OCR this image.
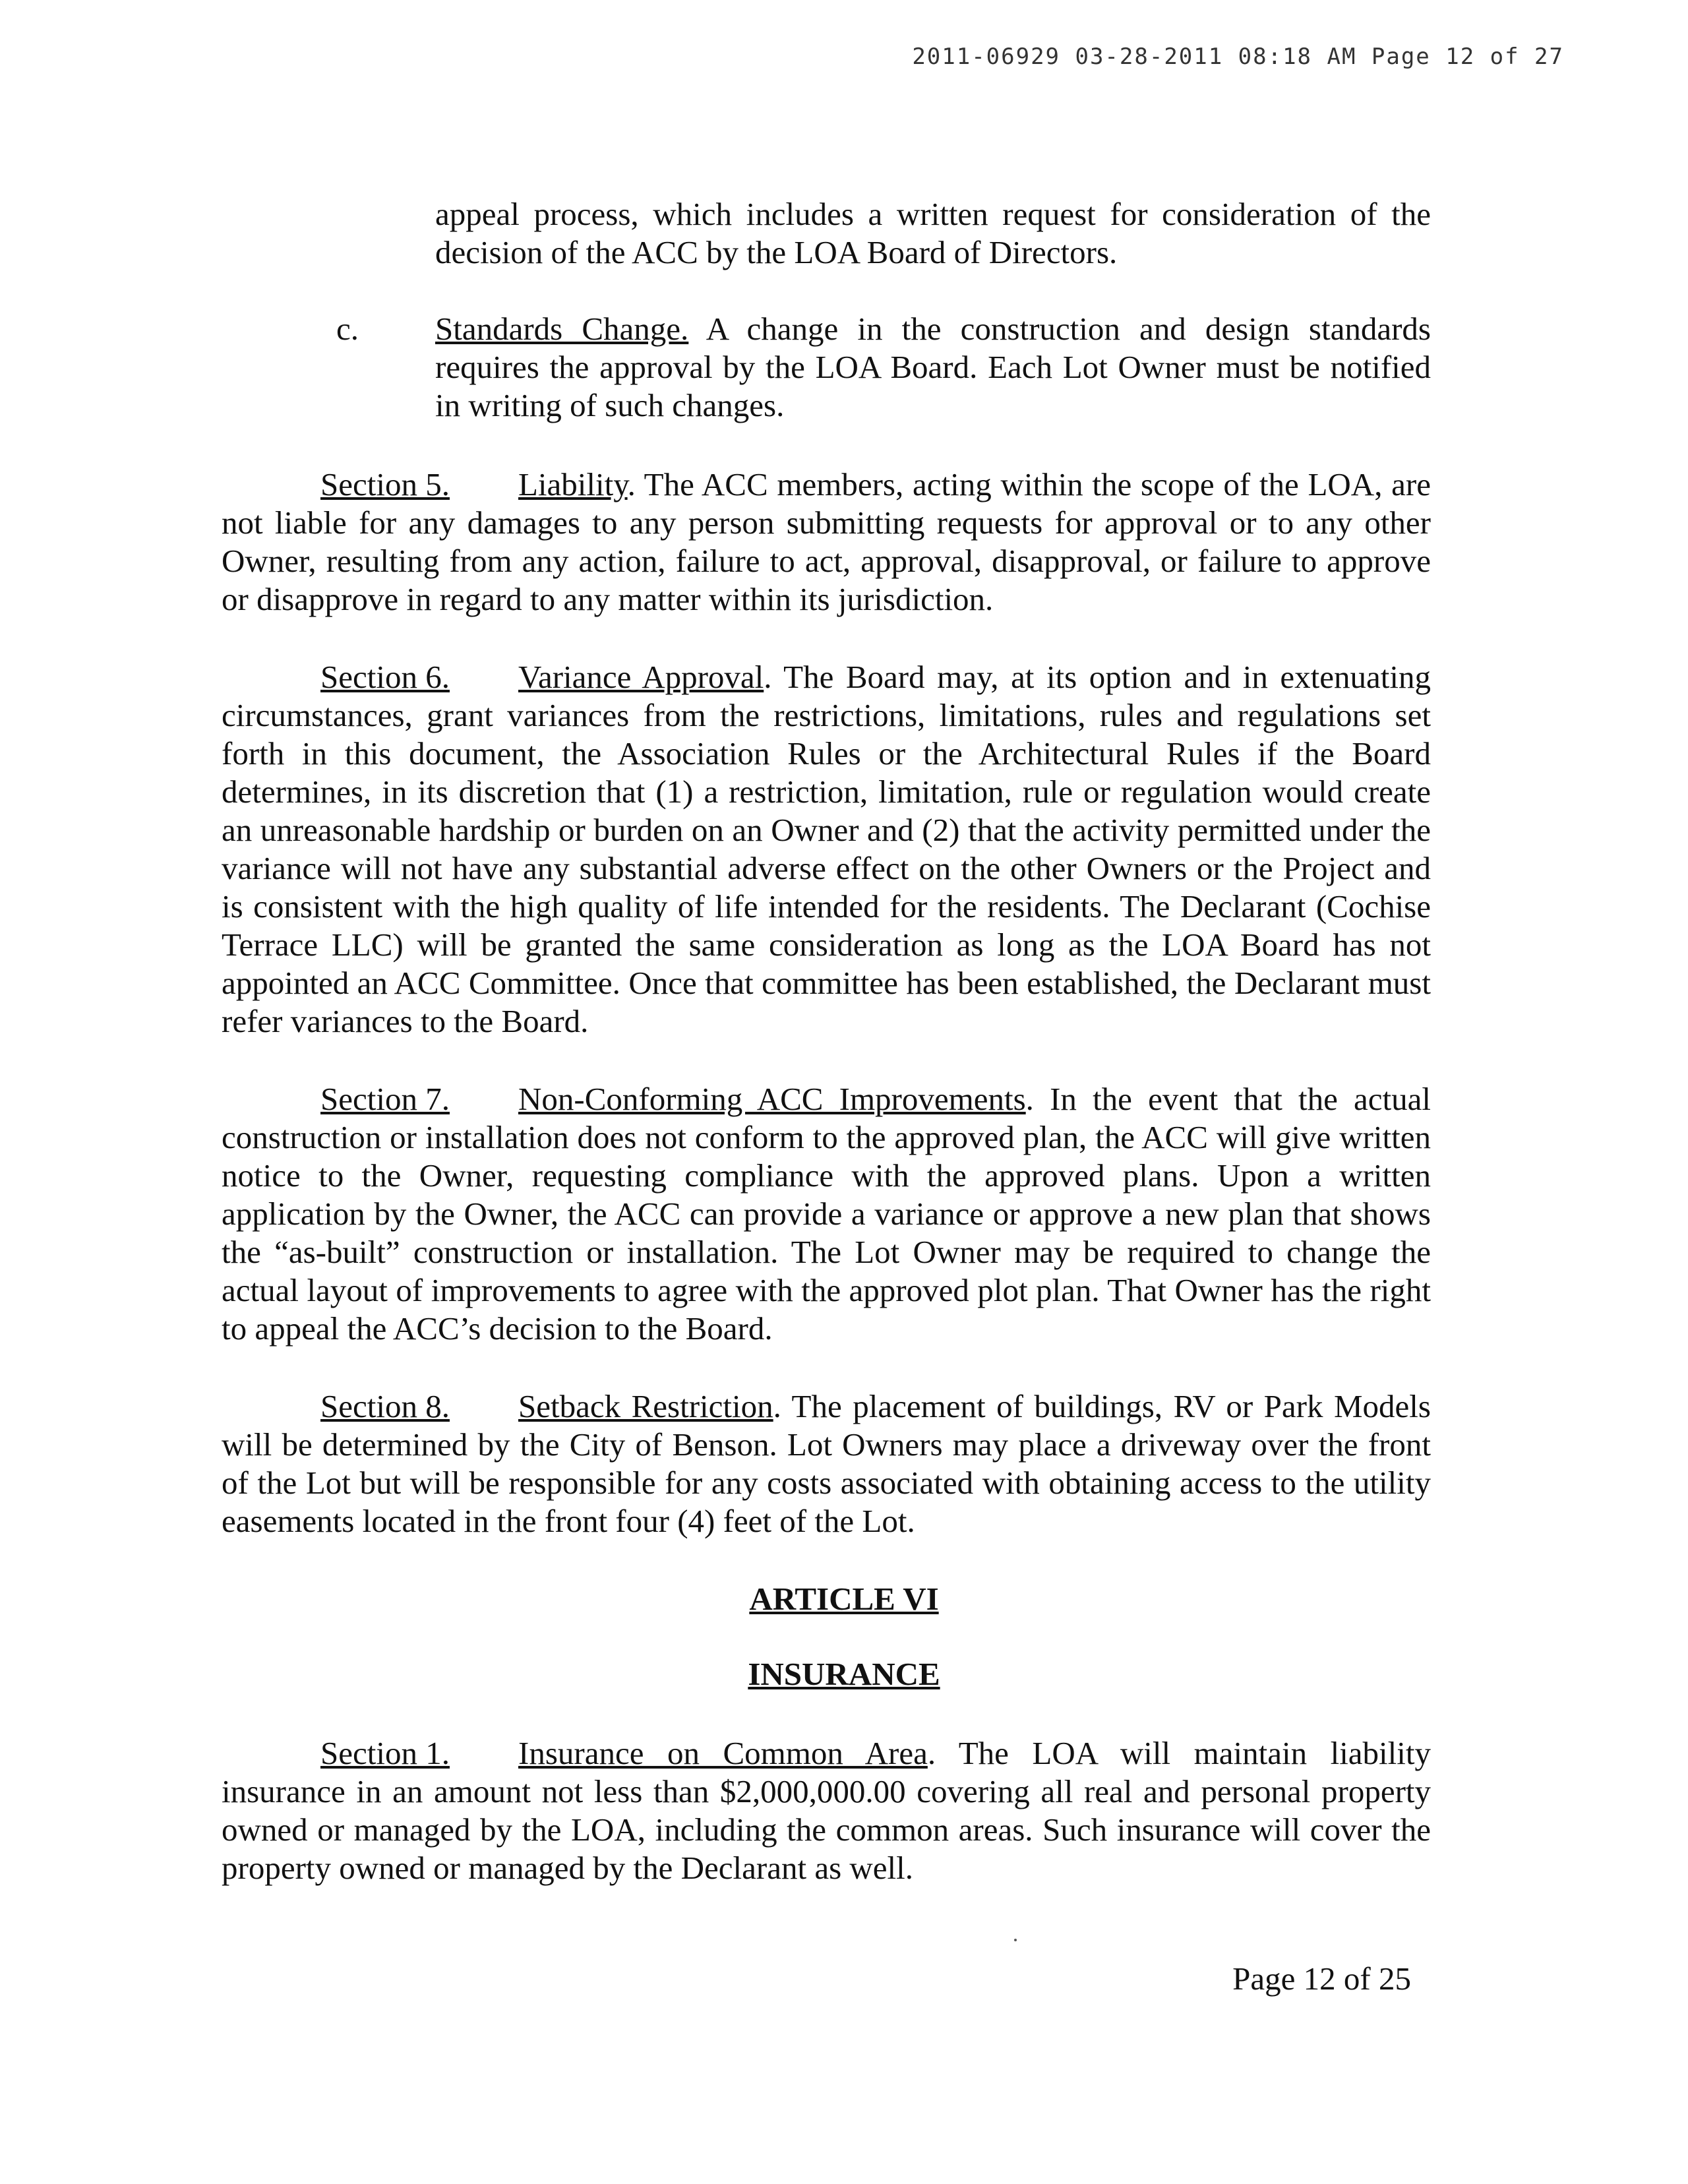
2011-06929 03-28-2011 08:18 AM Page 12 of 27
appeal process, which includes a written request for consideration of the decision of the ACC by the LOA Board of Directors.
c. Standards Change. A change in the construction and design standards requires the approval by the LOA Board. Each Lot Owner must be notified in writing of such changes.
Section 5. Liability. The ACC members, acting within the scope of the LOA, are not liable for any damages to any person submitting requests for approval or to any other Owner, resulting from any action, failure to act, approval, disapproval, or failure to approve or disapprove in regard to any matter within its jurisdiction.
Section 6. Variance Approval. The Board may, at its option and in extenuating circumstances, grant variances from the restrictions, limitations, rules and regulations set forth in this document, the Association Rules or the Architectural Rules if the Board determines, in its discretion that (1) a restriction, limitation, rule or regulation would create an unreasonable hardship or burden on an Owner and (2) that the activity permitted under the variance will not have any substantial adverse effect on the other Owners or the Project and is consistent with the high quality of life intended for the residents. The Declarant (Cochise Terrace LLC) will be granted the same consideration as long as the LOA Board has not appointed an ACC Committee. Once that committee has been established, the Declarant must refer variances to the Board.
Section 7. Non-Conforming ACC Improvements. In the event that the actual construction or installation does not conform to the approved plan, the ACC will give written notice to the Owner, requesting compliance with the approved plans. Upon a written application by the Owner, the ACC can provide a variance or approve a new plan that shows the “as-built” construction or installation. The Lot Owner may be required to change the actual layout of improvements to agree with the approved plot plan. That Owner has the right to appeal the ACC’s decision to the Board.
Section 8. Setback Restriction. The placement of buildings, RV or Park Models will be determined by the City of Benson. Lot Owners may place a driveway over the front of the Lot but will be responsible for any costs associated with obtaining access to the utility easements located in the front four (4) feet of the Lot.
ARTICLE VI
INSURANCE
Section 1. Insurance on Common Area. The LOA will maintain liability insurance in an amount not less than $2,000,000.00 covering all real and personal property owned or managed by the LOA, including the common areas. Such insurance will cover the property owned or managed by the Declarant as well.
Page 12 of 25
